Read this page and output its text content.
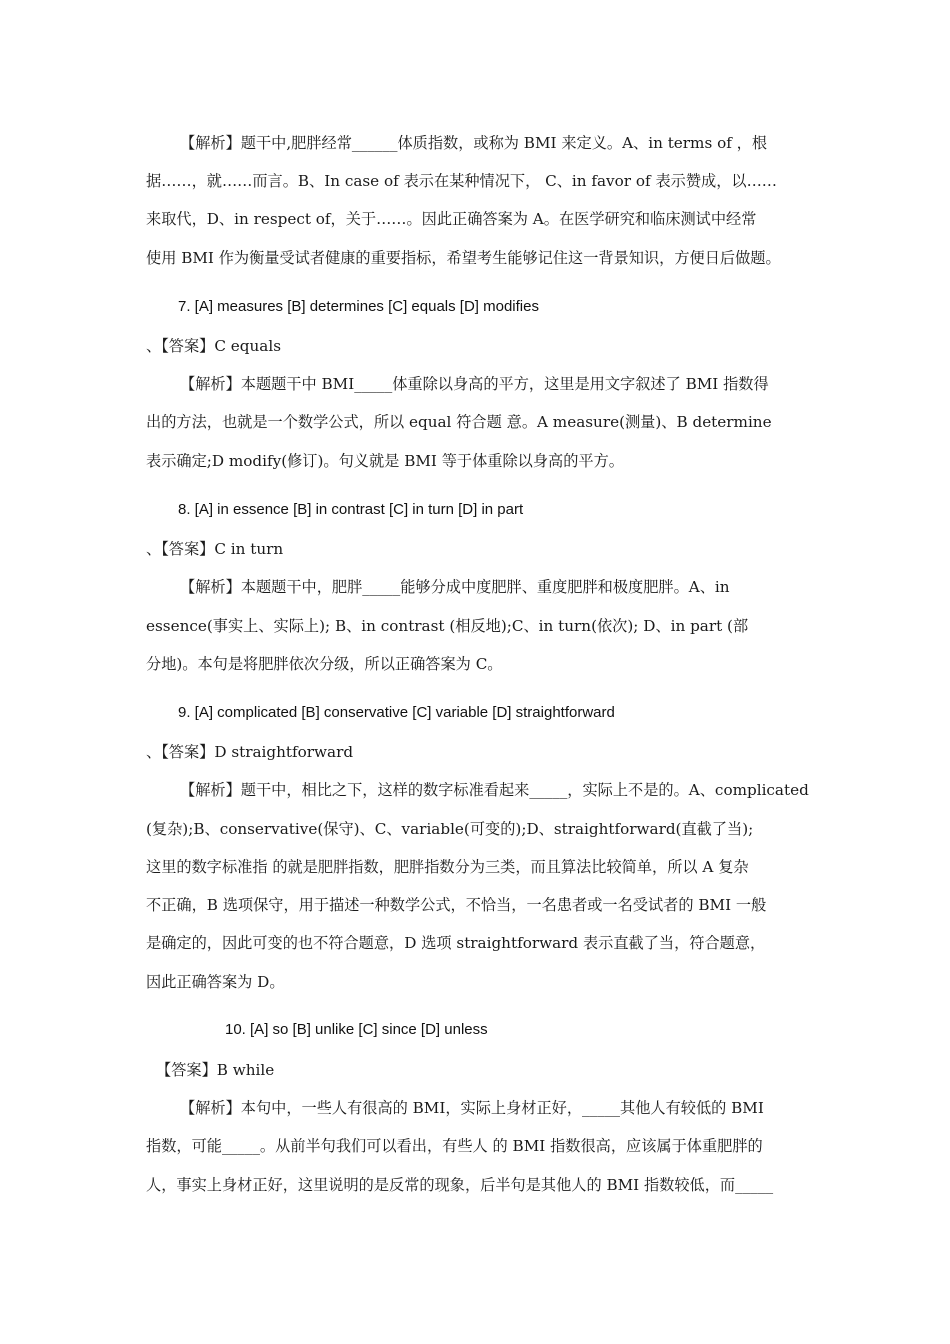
【解析】题干中,肥胖经常______体质指数，或称为 BMI 来定义。A、in terms of ，根
据……，就……而言。B、In case of 表示在某种情况下， C、in favor of 表示赞成，以……
来取代，D、in respect of，关于……。因此正确答案为 A。在医学研究和临床测试中经常
使用 BMI 作为衡量受试者健康的重要指标，希望考生能够记住这一背景知识，方便日后做题。
7. [A] measures [B] determines [C] equals [D] modifies
、【答案】C equals
【解析】本题题干中 BMI_____体重除以身高的平方，这里是用文字叙述了 BMI 指数得
出的方法，也就是一个数学公式，所以 equal 符合题 意。A measure(测量)、B determine
表示确定;D modify(修订)。句义就是 BMI 等于体重除以身高的平方。
8. [A] in essence [B] in contrast [C] in turn [D] in part
、【答案】C in turn
【解析】本题题干中，肥胖_____能够分成中度肥胖、重度肥胖和极度肥胖。A、in
essence(事实上、实际上); B、in contrast (相反地);C、in turn(依次); D、in part (部
分地)。本句是将肥胖依次分级，所以正确答案为 C。
9. [A] complicated [B] conservative [C] variable [D] straightforward
、【答案】D straightforward
【解析】题干中，相比之下，这样的数字标准看起来_____，实际上不是的。A、complicated
(复杂);B、conservative(保守)、C、variable(可变的);D、straightforward(直截了当);
这里的数字标准指 的就是肥胖指数，肥胖指数分为三类，而且算法比较简单，所以 A 复杂
不正确，B 选项保守，用于描述一种数学公式，不恰当，一名患者或一名受试者的 BMI 一般
是确定的，因此可变的也不符合题意，D 选项 straightforward 表示直截了当，符合题意，
因此正确答案为 D。
10. [A] so [B] unlike [C] since [D] unless
【答案】B while
【解析】本句中，一些人有很高的 BMI，实际上身材正好，_____其他人有较低的 BMI
指数，可能_____。从前半句我们可以看出，有些人 的 BMI 指数很高，应该属于体重肥胖的
人，事实上身材正好，这里说明的是反常的现象，后半句是其他人的 BMI 指数较低，而_____
